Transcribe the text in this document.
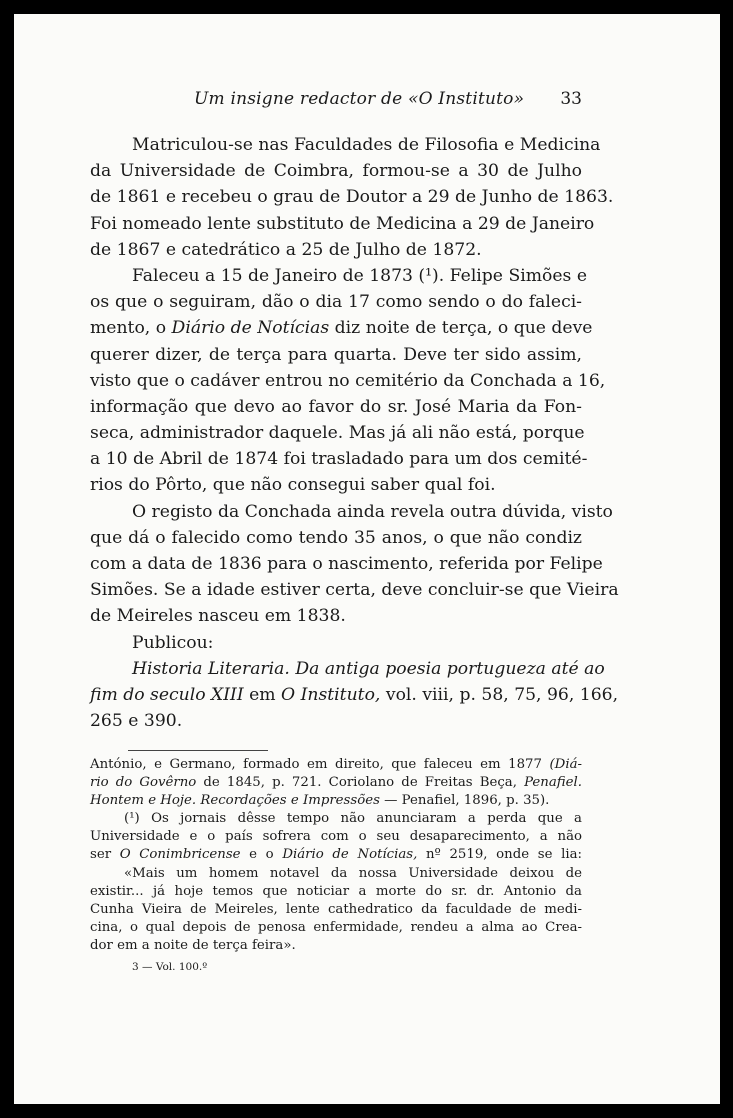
Um insigne redactor de «O Instituto» 33
Matriculou-se nas Faculdades de Filosofia e Medicina
da Universidade de Coimbra, formou-se a 30 de Julho
de 1861 e recebeu o grau de Doutor a 29 de Junho de 1863.
Foi nomeado lente substituto de Medicina a 29 de Janeiro
de 1867 e catedrático a 25 de Julho de 1872.
Faleceu a 15 de Janeiro de 1873 (¹). Felipe Simões e
os que o seguiram, dão o dia 17 como sendo o do faleci-
mento, o Diário de Notícias diz noite de terça, o que deve
querer dizer, de terça para quarta. Deve ter sido assim,
visto que o cadáver entrou no cemitério da Conchada a 16,
informação que devo ao favor do sr. José Maria da Fon-
seca, administrador daquele. Mas já ali não está, porque
a 10 de Abril de 1874 foi trasladado para um dos cemité-
rios do Pôrto, que não consegui saber qual foi.
O registo da Conchada ainda revela outra dúvida, visto
que dá o falecido como tendo 35 anos, o que não condiz
com a data de 1836 para o nascimento, referida por Felipe
Simões. Se a idade estiver certa, deve concluir-se que Vieira
de Meireles nasceu em 1838.
Publicou:
Historia Literaria. Da antiga poesia portugueza até ao
fim do seculo XIII em O Instituto, vol. viii, p. 58, 75, 96, 166,
265 e 390.
António, e Germano, formado em direito, que faleceu em 1877 (Diá-
rio do Govêrno de 1845, p. 721. Coriolano de Freitas Beça, Penafiel.
Hontem e Hoje. Recordações e Impressões — Penafiel, 1896, p. 35).
(¹) Os jornais dêsse tempo não anunciaram a perda que a
Universidade e o país sofrera com o seu desaparecimento, a não
ser O Conimbricense e o Diário de Notícias, nº 2519, onde se lia:
«Mais um homem notavel da nossa Universidade deixou de
existir... já hoje temos que noticiar a morte do sr. dr. Antonio da
Cunha Vieira de Meireles, lente cathedratico da faculdade de medi-
cina, o qual depois de penosa enfermidade, rendeu a alma ao Crea-
dor em a noite de terça feira».
3 — Vol. 100.º
